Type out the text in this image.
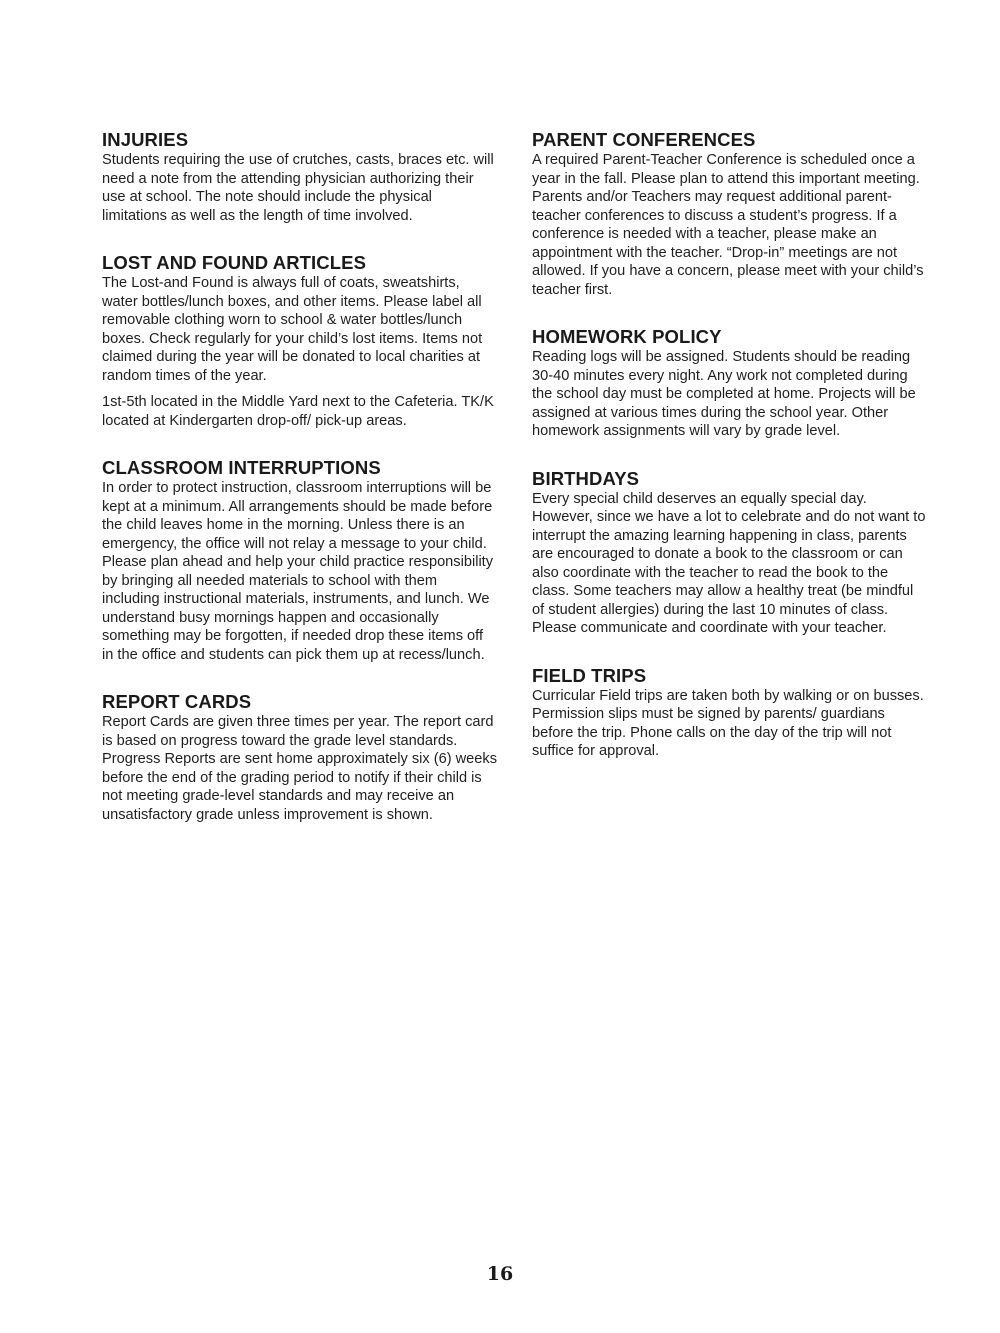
INJURIES

Students requiring the use of crutches, casts, braces etc. will need a note from the attending physician authorizing their use at school. The note should include the physical limitations as well as the length of time involved.

LOST AND FOUND ARTICLES

The Lost-and Found is always full of coats, sweatshirts, water bottles/lunch boxes, and other items. Please label all removable clothing worn to school & water bottles/lunch boxes. Check regularly for your child’s lost items. Items not claimed during the year will be donated to local charities at random times of the year.

1st-5th located in the Middle Yard next to the Cafeteria. TK/K located at Kindergarten drop-off/ pick-up areas.

CLASSROOM INTERRUPTIONS

In order to protect instruction, classroom interruptions will be kept at a minimum. All arrangements should be made before the child leaves home in the morning. Unless there is an emergency, the office will not relay a message to your child. Please plan ahead and help your child practice responsibility by bringing all needed materials to school with them including instructional materials, instruments, and lunch. We understand busy mornings happen and occasionally something may be forgotten, if needed drop these items off in the office and students can pick them up at recess/lunch.

REPORT CARDS

Report Cards are given three times per year. The report card is based on progress toward the grade level standards. Progress Reports are sent home approximately six (6) weeks before the end of the grading period to notify if their child is not meeting grade-level standards and may receive an unsatisfactory grade unless improvement is shown.

PARENT CONFERENCES

A required Parent-Teacher Conference is scheduled once a year in the fall. Please plan to attend this important meeting. Parents and/or Teachers may request additional parent-teacher conferences to discuss a student’s progress. If a conference is needed with a teacher, please make an appointment with the teacher. “Drop-in” meetings are not allowed. If you have a concern, please meet with your child’s teacher first.

HOMEWORK POLICY

Reading logs will be assigned. Students should be reading 30-40 minutes every night. Any work not completed during the school day must be completed at home. Projects will be assigned at various times during the school year. Other homework assignments will vary by grade level.

BIRTHDAYS

Every special child deserves an equally special day. However, since we have a lot to celebrate and do not want to interrupt the amazing learning happening in class, parents are encouraged to donate a book to the classroom or can also coordinate with the teacher to read the book to the class. Some teachers may allow a healthy treat (be mindful of student allergies) during the last 10 minutes of class. Please communicate and coordinate with your teacher.

FIELD TRIPS

Curricular Field trips are taken both by walking or on busses. Permission slips must be signed by parents/ guardians before the trip. Phone calls on the day of the trip will not suffice for approval.

16
